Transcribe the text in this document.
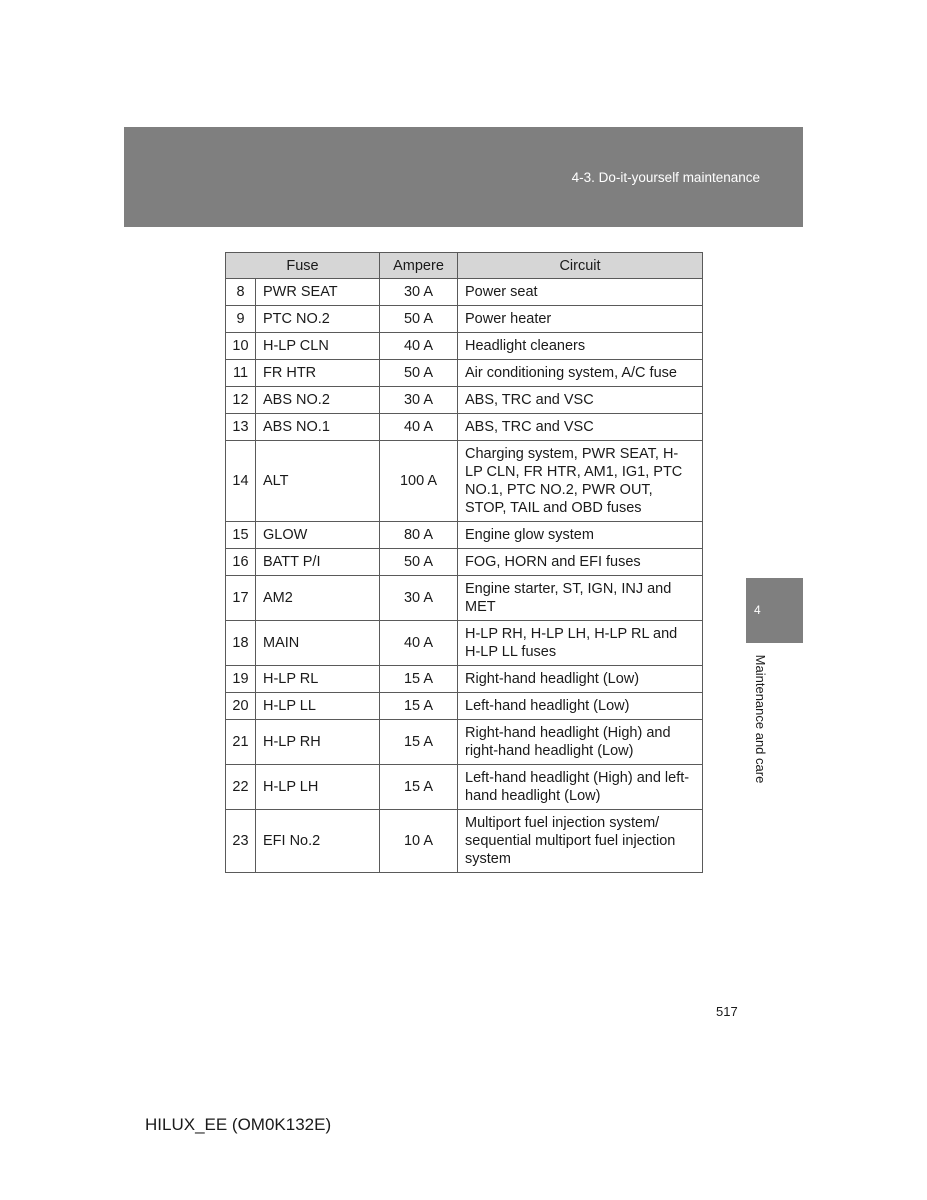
4-3. Do-it-yourself maintenance
Fuse		Ampere	Circuit
8	PWR SEAT	30 A	Power seat
9	PTC NO.2	50 A	Power heater
10	H-LP CLN	40 A	Headlight cleaners
11	FR HTR	50 A	Air conditioning system, A/C fuse
12	ABS NO.2	30 A	ABS, TRC and VSC
13	ABS NO.1	40 A	ABS, TRC and VSC
14	ALT	100 A	Charging system, PWR SEAT, H-LP CLN, FR HTR, AM1, IG1, PTC NO.1, PTC NO.2, PWR OUT, STOP, TAIL and OBD fuses
15	GLOW	80 A	Engine glow system
16	BATT P/I	50 A	FOG, HORN and EFI fuses
17	AM2	30 A	Engine starter, ST, IGN, INJ and MET
18	MAIN	40 A	H-LP RH, H-LP LH, H-LP RL and H-LP LL fuses
19	H-LP RL	15 A	Right-hand headlight (Low)
20	H-LP LL	15 A	Left-hand headlight (Low)
21	H-LP RH	15 A	Right-hand headlight (High) and right-hand headlight (Low)
22	H-LP LH	15 A	Left-hand headlight (High) and left-hand headlight (Low)
23	EFI No.2	10 A	Multiport fuel injection system/ sequential multiport fuel injection system
4
Maintenance and care
517
HILUX_EE (OM0K132E)
